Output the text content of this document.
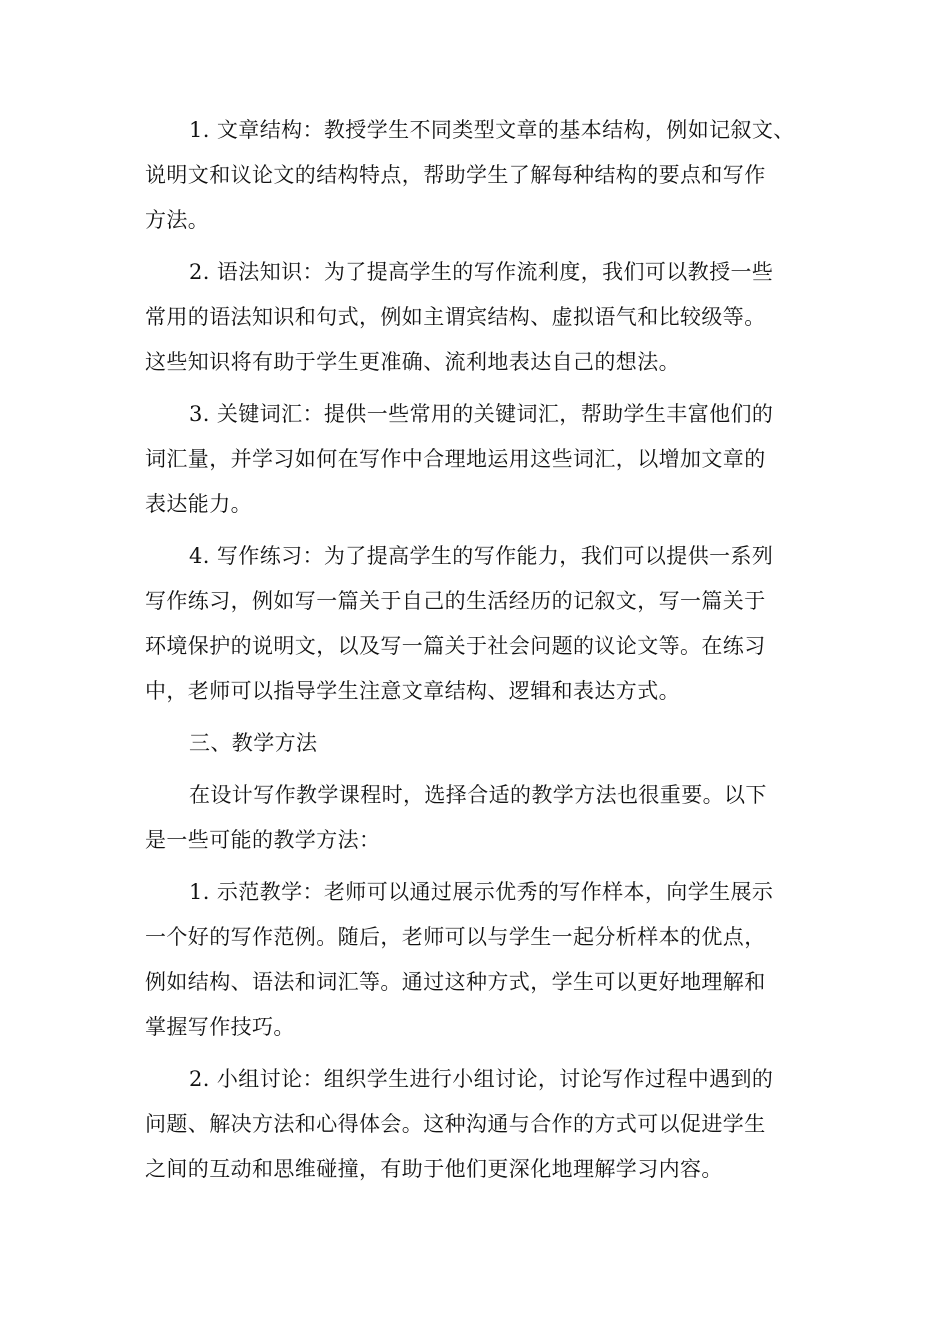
1. 文章结构：教授学生不同类型文章的基本结构，例如记叙文、

说明文和议论文的结构特点，帮助学生了解每种结构的要点和写作

方法。

2. 语法知识：为了提高学生的写作流利度，我们可以教授一些

常用的语法知识和句式，例如主谓宾结构、虚拟语气和比较级等。

这些知识将有助于学生更准确、流利地表达自己的想法。

3. 关键词汇：提供一些常用的关键词汇，帮助学生丰富他们的

词汇量，并学习如何在写作中合理地运用这些词汇，以增加文章的

表达能力。

4. 写作练习：为了提高学生的写作能力，我们可以提供一系列

写作练习，例如写一篇关于自己的生活经历的记叙文，写一篇关于

环境保护的说明文，以及写一篇关于社会问题的议论文等。在练习

中，老师可以指导学生注意文章结构、逻辑和表达方式。

三、教学方法

在设计写作教学课程时，选择合适的教学方法也很重要。以下

是一些可能的教学方法：

1. 示范教学：老师可以通过展示优秀的写作样本，向学生展示

一个好的写作范例。随后，老师可以与学生一起分析样本的优点，

例如结构、语法和词汇等。通过这种方式，学生可以更好地理解和

掌握写作技巧。

2. 小组讨论：组织学生进行小组讨论，讨论写作过程中遇到的

问题、解决方法和心得体会。这种沟通与合作的方式可以促进学生

之间的互动和思维碰撞，有助于他们更深化地理解学习内容。
